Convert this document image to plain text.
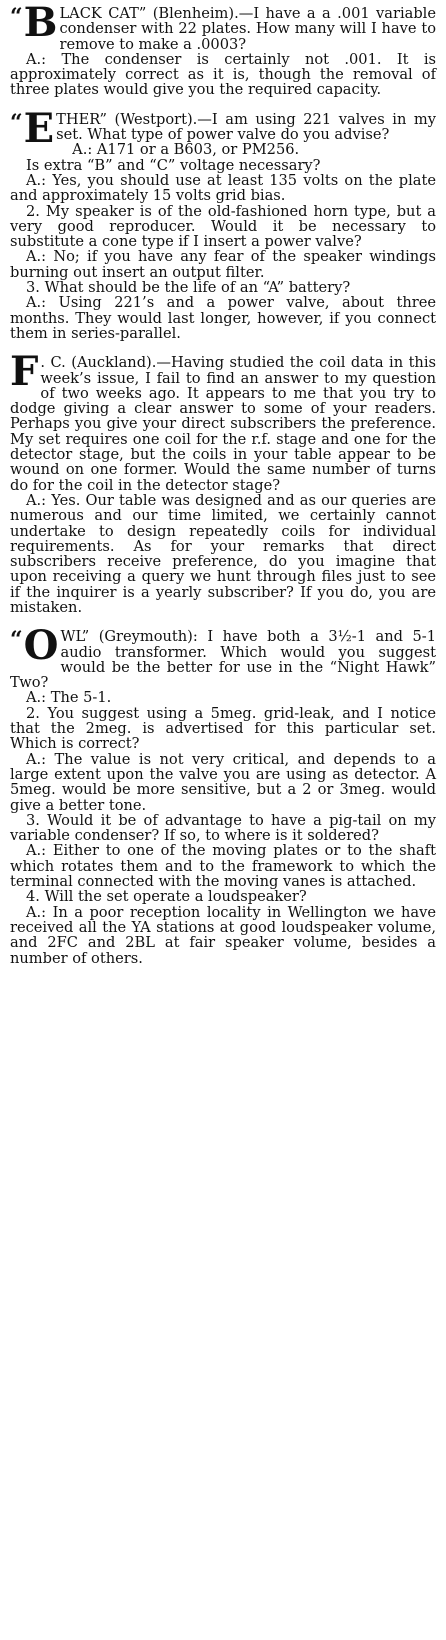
“ B LACK CAT” (Blenheim).—I have a a .001 variable condenser with 22 plates. How many will I have to remove to make a .0003?

A.: The condenser is certainly not .001. It is approximately correct as it is, though the removal of three plates would give you the required capacity.

“ E THER” (Westport).—I am using 221 valves in my set. What type of power valve do you advise?

A.: A171 or a B603, or PM256.

Is extra “B” and “C” voltage necessary?

A.: Yes, you should use at least 135 volts on the plate and approximately 15 volts grid bias.

2. My speaker is of the old-fashioned horn type, but a very good reproducer. Would it be necessary to substitute a cone type if I insert a power valve?

A.: No; if you have any fear of the speaker windings burning out insert an output filter.

3. What should be the life of an “A” battery?

A.: Using 221’s and a power valve, about three months. They would last longer, however, if you connect them in series-parallel.

F . C. (Auckland).—Having studied the coil data in this week’s issue, I fail to find an answer to my question of two weeks ago. It appears to me that you try to dodge giving a clear answer to some of your readers. Perhaps you give your direct subscribers the preference. My set requires one coil for the r.f. stage and one for the detector stage, but the coils in your table appear to be wound on one former. Would the same number of turns do for the coil in the detector stage?

A.: Yes. Our table was designed and as our queries are numerous and our time limited, we certainly cannot undertake to design repeatedly coils for individual requirements. As for your remarks that direct subscribers receive preference, do you imagine that upon receiving a query we hunt through files just to see if the inquirer is a yearly subscriber? If you do, you are mistaken.

“ O WL” (Greymouth): I have both a 3½-1 and 5-1 audio transformer. Which would you suggest would be the better for use in the “Night Hawk” Two?

A.: The 5-1.

2. You suggest using a 5meg. grid-leak, and I notice that the 2meg. is advertised for this particular set. Which is correct?

A.: The value is not very critical, and depends to a large extent upon the valve you are using as detector. A 5meg. would be more sensitive, but a 2 or 3meg. would give a better tone.

3. Would it be of advantage to have a pig-tail on my variable condenser? If so, to where is it soldered?

A.: Either to one of the moving plates or to the shaft which rotates them and to the framework to which the terminal connected with the moving vanes is attached.

4. Will the set operate a loudspeaker?

A.: In a poor reception locality in Wellington we have received all the YA stations at good loudspeaker volume, and 2FC and 2BL at fair speaker volume, besides a number of others.
